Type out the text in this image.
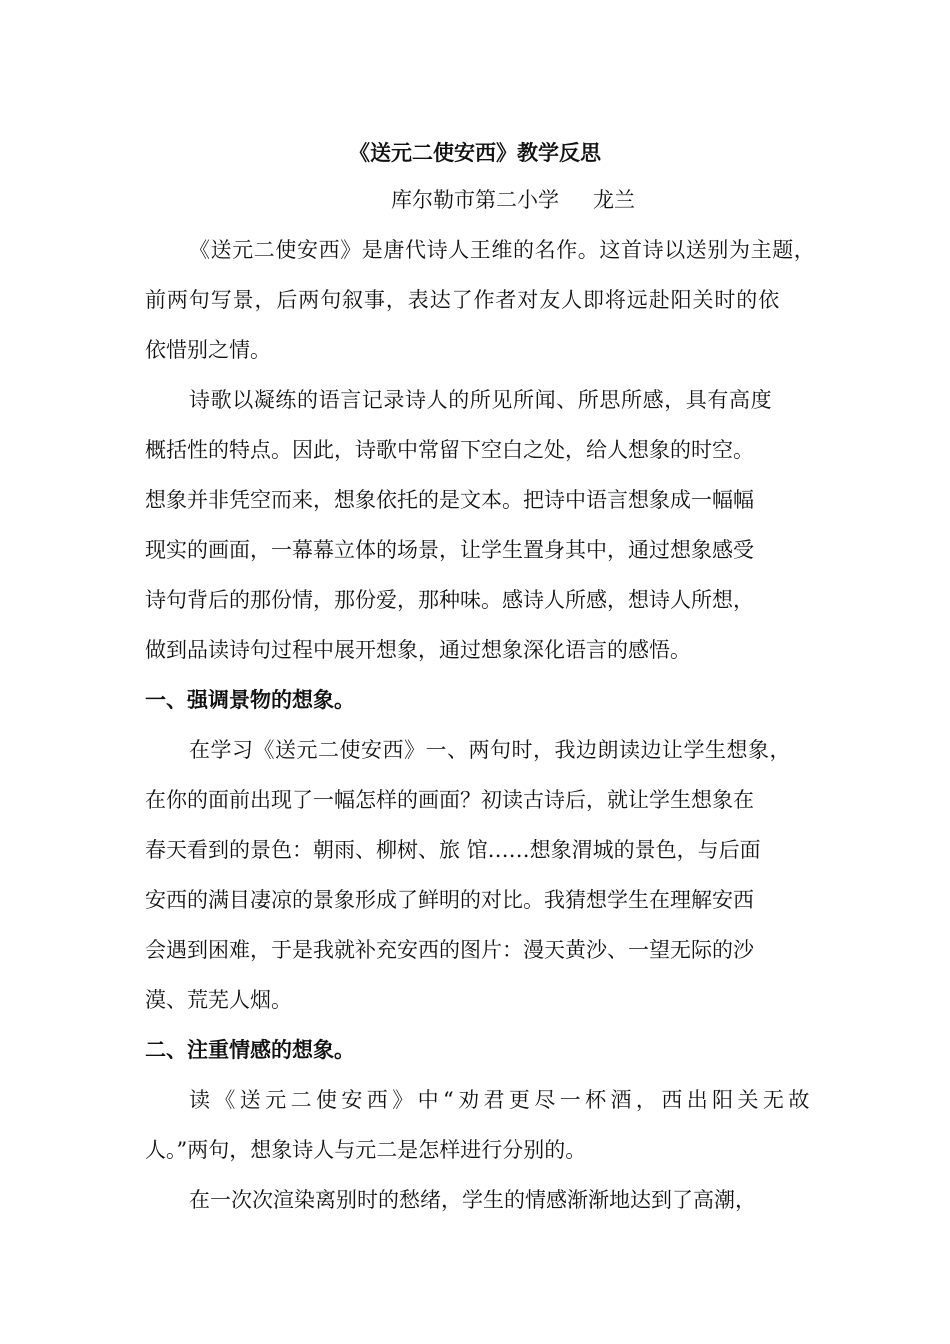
《送元二使安西》教学反思
库尔勒市第二小学 龙兰
《送元二使安西》是唐代诗人王维的名作。这首诗以送别为主题，
前两句写景，后两句叙事，表达了作者对友人即将远赴阳关时的依
依惜别之情。
诗歌以凝练的语言记录诗人的所见所闻、所思所感，具有高度
概括性的特点。因此，诗歌中常留下空白之处，给人想象的时空。
想象并非凭空而来，想象依托的是文本。把诗中语言想象成一幅幅
现实的画面，一幕幕立体的场景，让学生置身其中，通过想象感受
诗句背后的那份情，那份爱，那种味。感诗人所感，想诗人所想，
做到品读诗句过程中展开想象，通过想象深化语言的感悟。
一、强调景物的想象。
在学习《送元二使安西》一、两句时，我边朗读边让学生想象，
在你的面前出现了一幅怎样的画面？初读古诗后，就让学生想象在
春天看到的景色：朝雨、柳树、旅 馆……想象渭城的景色，与后面
安西的满目凄凉的景象形成了鲜明的对比。我猜想学生在理解安西
会遇到困难，于是我就补充安西的图片：漫天黄沙、一望无际的沙
漠、荒芜人烟。
二、注重情感的想象。
读《送元二使安西》中“劝君更尽一杯酒，西出阳关无故
人。”两句，想象诗人与元二是怎样进行分别的。
在一次次渲染离别时的愁绪，学生的情感渐渐地达到了高潮，
